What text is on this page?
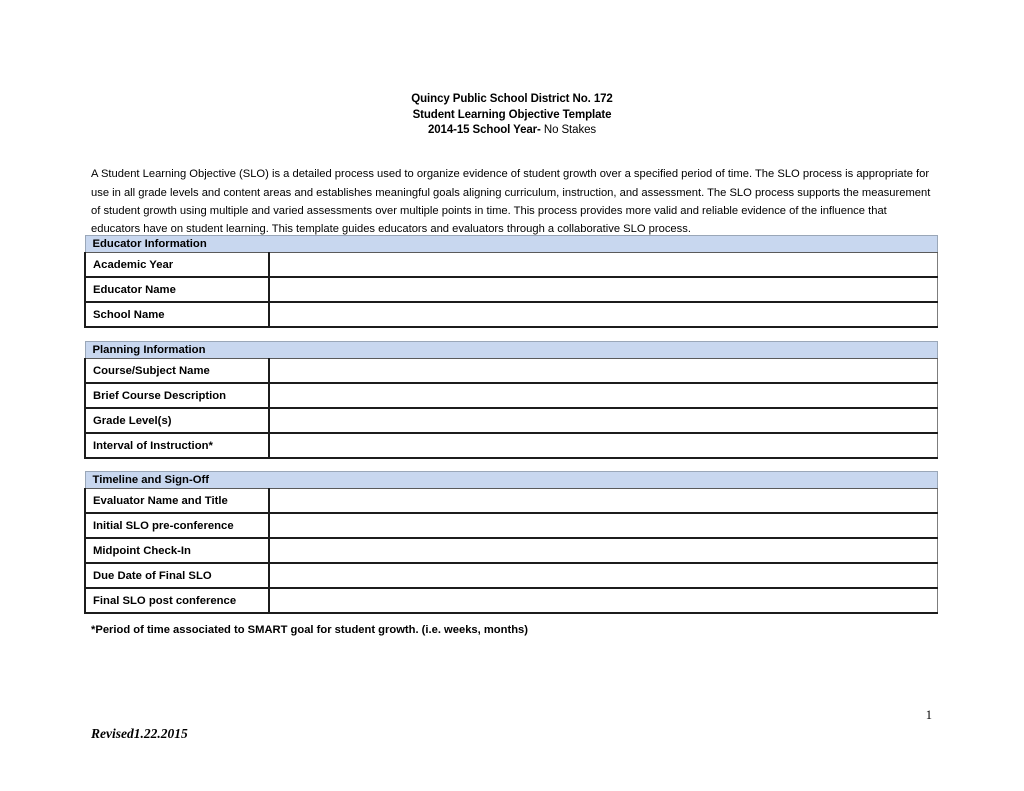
Quincy Public School District No. 172
Student Learning Objective Template
2014-15 School Year- No Stakes

A Student Learning Objective (SLO) is a detailed process used to organize evidence of student growth over a specified period of time. The SLO process is appropriate for use in all grade levels and content areas and establishes meaningful goals aligning curriculum, instruction, and assessment. The SLO process supports the measurement of student growth using multiple and varied assessments over multiple points in time. This process provides more valid and reliable evidence of the influence that educators have on student learning. This template guides educators and evaluators through a collaborative SLO process.

Educator Information	
Academic Year	
Educator Name	
School Name	
Planning Information	
Course/Subject Name	
Brief Course Description	
Grade Level(s)	
Interval of Instruction*	
Timeline and Sign-Off	
Evaluator Name and Title	
Initial SLO pre-conference	
Midpoint Check-In	
Due Date of Final SLO	
Final SLO post conference	
*Period of time associated to SMART goal for student growth. (i.e. weeks, months)
1
Revised1.22.2015
